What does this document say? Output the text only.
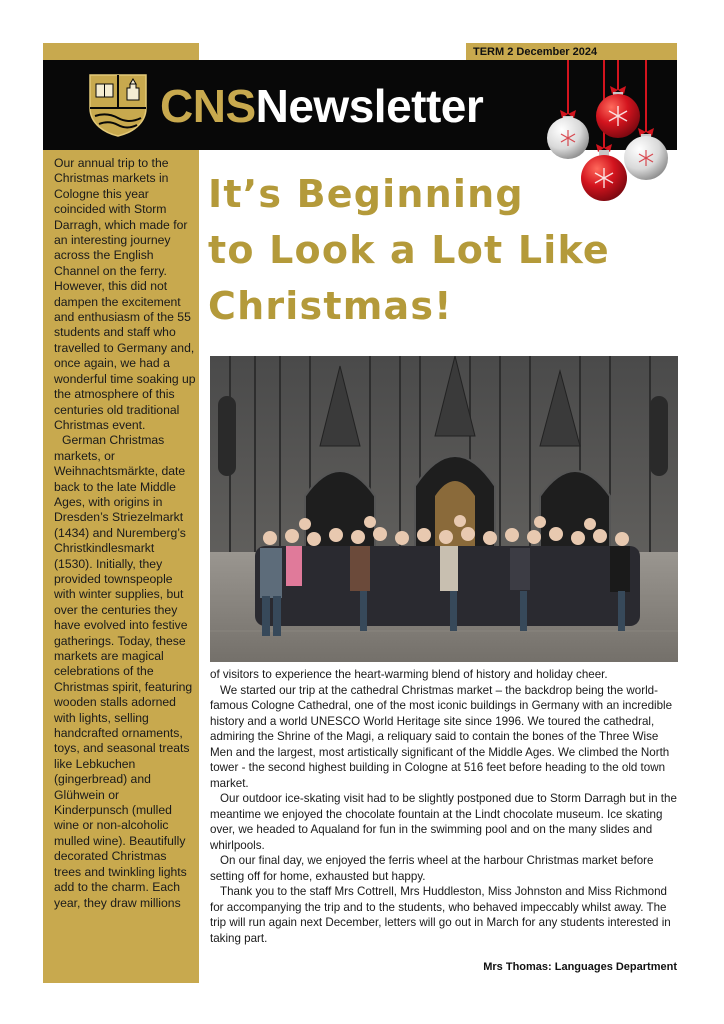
Our annual trip to the Christmas markets in Cologne this year coincided with Storm Darragh, which made for an interesting journey across the English Channel on the ferry. However, this did not dampen the excitement and enthusiasm of the 55 students and staff who travelled to Germany and, once again, we had a wonderful time soaking up the atmosphere of this centuries old traditional Christmas event.

German Christmas markets, or Weihnachtsmärkte, date back to the late Middle Ages, with origins in Dresden’s Striezelmarkt (1434) and Nuremberg’s Christkindlesmarkt (1530). Initially, they provided townspeople with winter supplies, but over the centuries they have evolved into festive gatherings. Today, these markets are magical celebrations of the Christmas spirit, featuring wooden stalls adorned with lights, selling handcrafted ornaments, toys, and seasonal treats like Lebkuchen (gingerbread) and Glühwein or Kinderpunsch (mulled wine or non-alcoholic mulled wine). Beautifully decorated Christmas trees and twinkling lights add to the charm. Each year, they draw millions

TERM 2 December 2024
CNSNewsletter
It’s Beginning
to Look a Lot Like
Christmas!

of visitors to experience the heart-warming blend of history and holiday cheer.

We started our trip at the cathedral Christmas market – the backdrop being the world-famous Cologne Cathedral, one of the most iconic buildings in Germany with an incredible history and a world UNESCO World Heritage site since 1996. We toured the cathedral, admiring the Shrine of the Magi, a reliquary said to contain the bones of the Three Wise Men and the largest, most artistically significant of the Middle Ages. We climbed the North tower - the second highest building in Cologne at 516 feet before heading to the old town market.

Our outdoor ice-skating visit had to be slightly postponed due to Storm Darragh but in the meantime we enjoyed the chocolate fountain at the Lindt chocolate museum. Ice skating over, we headed to Aqualand for fun in the swimming pool and on the many slides and whirlpools.

On our final day, we enjoyed the ferris wheel at the harbour Christmas market before setting off for home, exhausted but happy.

Thank you to the staff Mrs Cottrell, Mrs Huddleston, Miss Johnston and Miss Richmond for accompanying the trip and to the students, who behaved impeccably whilst away. The trip will run again next December, letters will go out in March for any students interested in taking part.

Mrs Thomas: Languages Department
